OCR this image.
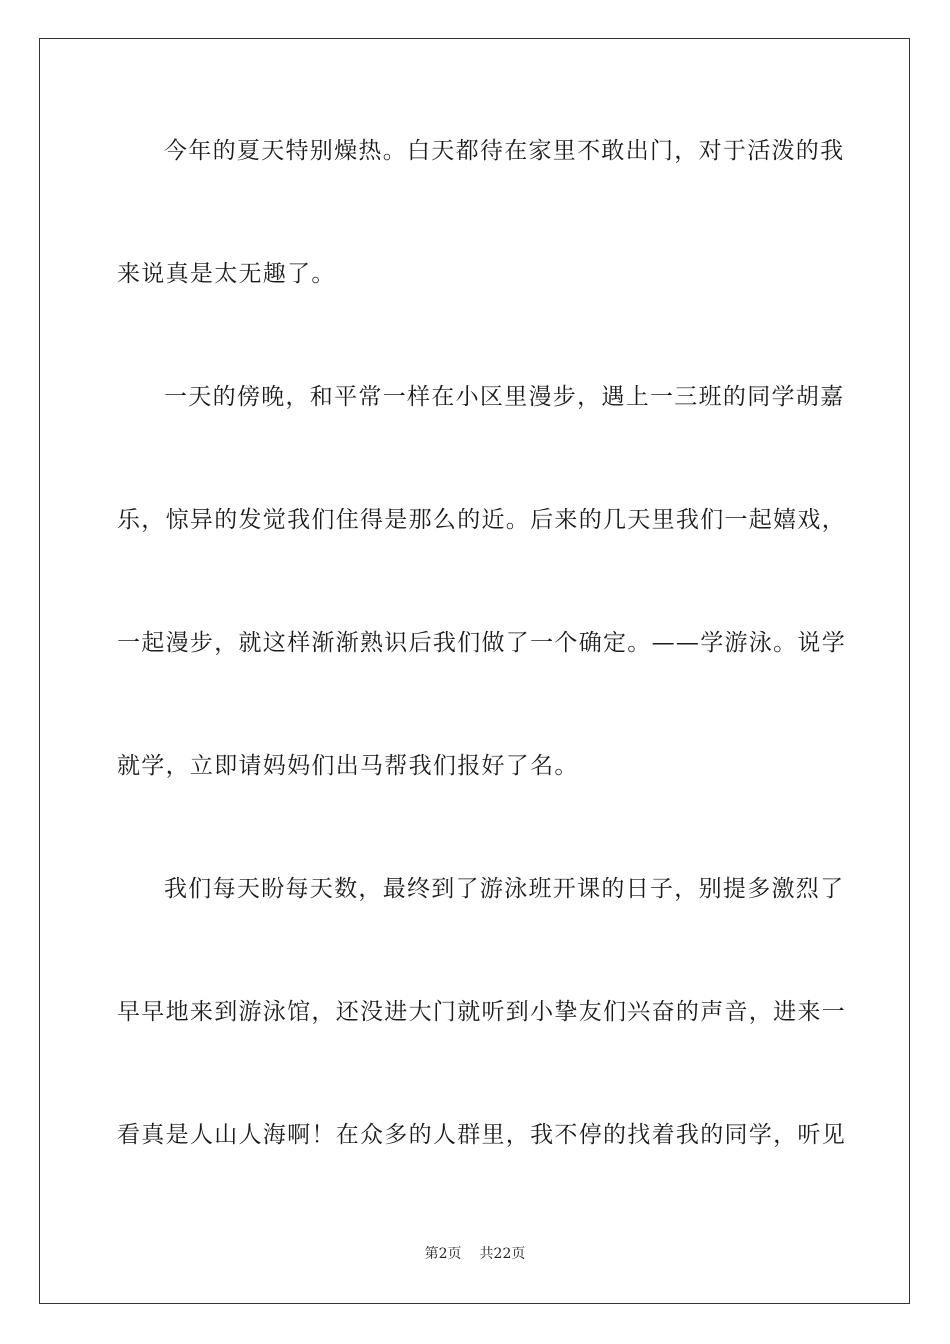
今年的夏天特别燥热。白天都待在家里不敢出门，对于活泼的我
来说真是太无趣了。
一天的傍晚，和平常一样在小区里漫步，遇上一三班的同学胡嘉
乐，惊异的发觉我们住得是那么的近。后来的几天里我们一起嬉戏，
一起漫步，就这样渐渐熟识后我们做了一个确定。——学游泳。说学
就学，立即请妈妈们出马帮我们报好了名。
我们每天盼每天数，最终到了游泳班开课的日子，别提多激烈了
早早地来到游泳馆，还没进大门就听到小挚友们兴奋的声音，进来一
看真是人山人海啊！在众多的人群里，我不停的找着我的同学，听见
第2页 共22页
